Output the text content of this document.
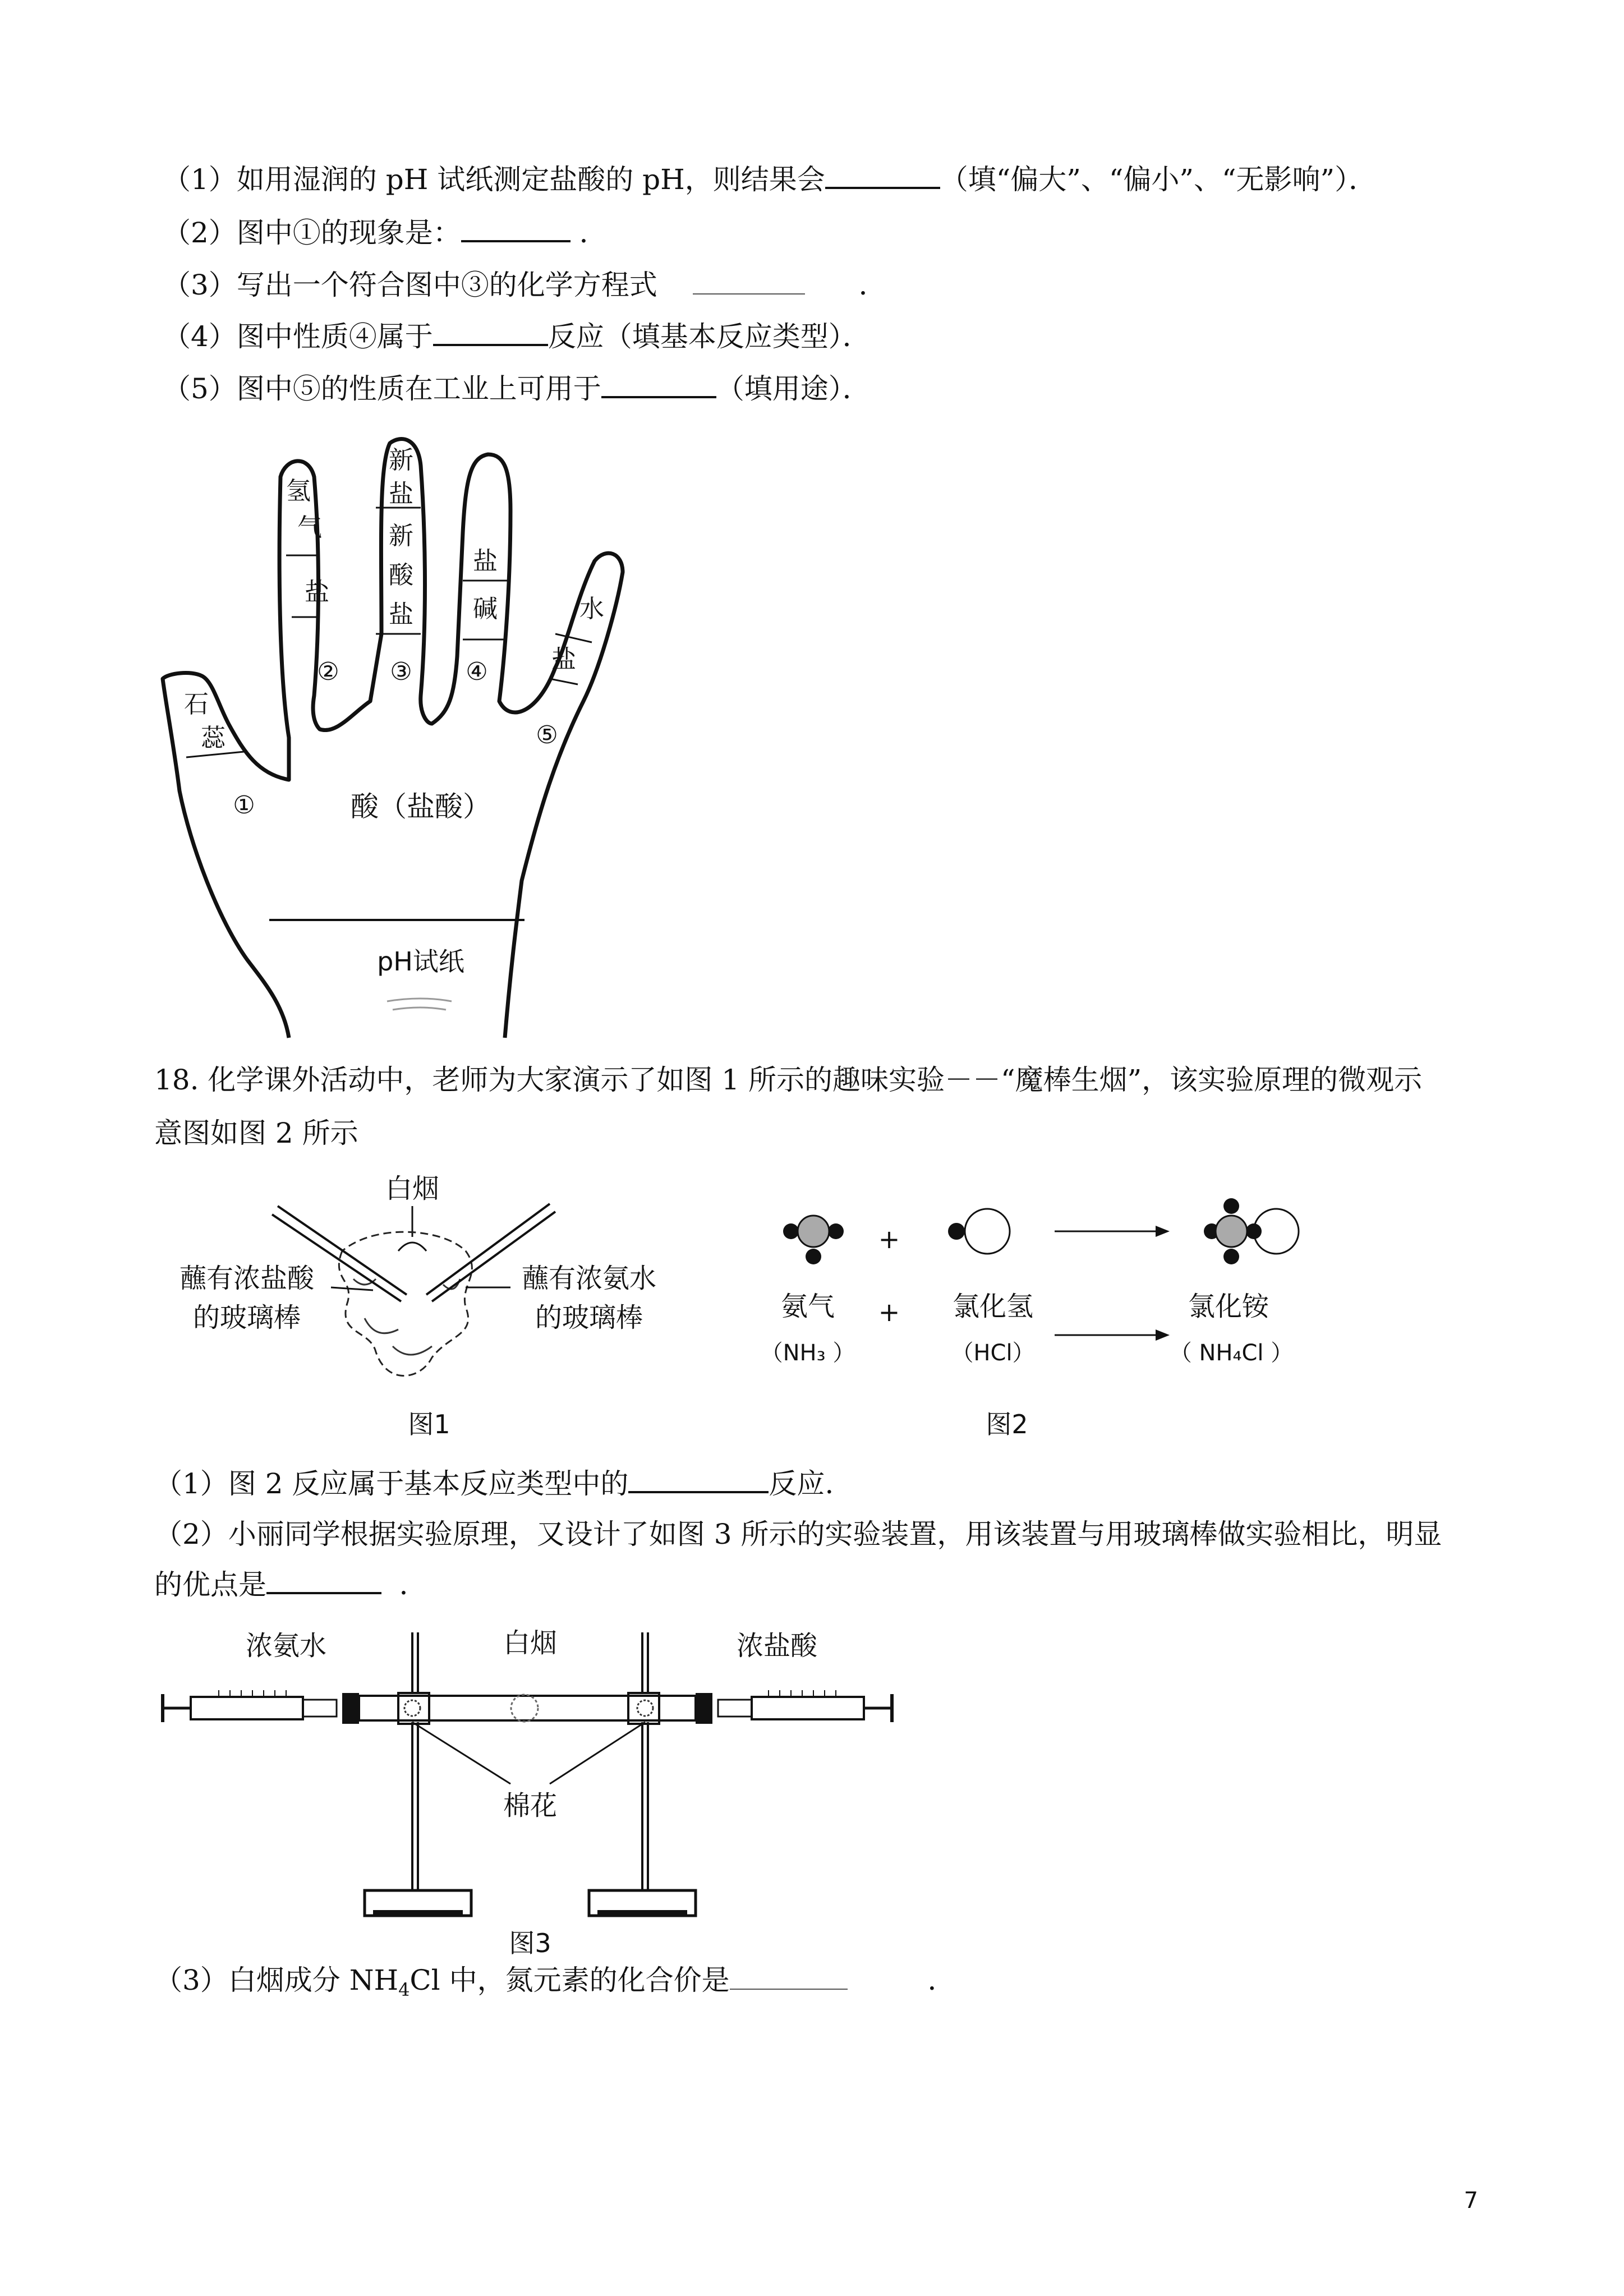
（1）如用湿润的 pH 试纸测定盐酸的 pH，则结果会	（填“偏大”、“偏小”、“无影响”）．
（2）图中①的现象是：	．
（3）写出一个符合图中③的化学方程式	．
（4）图中性质④属于	反应（填基本反应类型）．
（5）图中⑤的性质在工业上可用于	（填用途）．
石
蕊
氢
气
盐
新
盐
新
酸
盐
盐
碱	水
盐
①
② ③ ④
⑤
酸（盐酸）
pH试纸
18. 化学课外活动中，老师为大家演示了如图 1 所示的趣味实验－－“魔棒生烟”，该实验原理的微观示
意图如图 2 所示
白烟
蘸有浓盐酸
的玻璃棒
蘸有浓氨水
的玻璃棒
图1
+
氨气
（NH₃ ）
+ 氯化氢
（HCl）
氯化铵
（ NH₄Cl ）
图2
（1）图 2 反应属于基本反应类型中的	反应.
（2）小丽同学根据实验原理，又设计了如图 3 所示的实验装置，用该装置与用玻璃棒做实验相比，明显
的优点是	．
浓氨水	白烟	浓盐酸
棉花
图3
（3）白烟成分 $NH_4Cl$ 中，氮元素的化合价是	．
7
